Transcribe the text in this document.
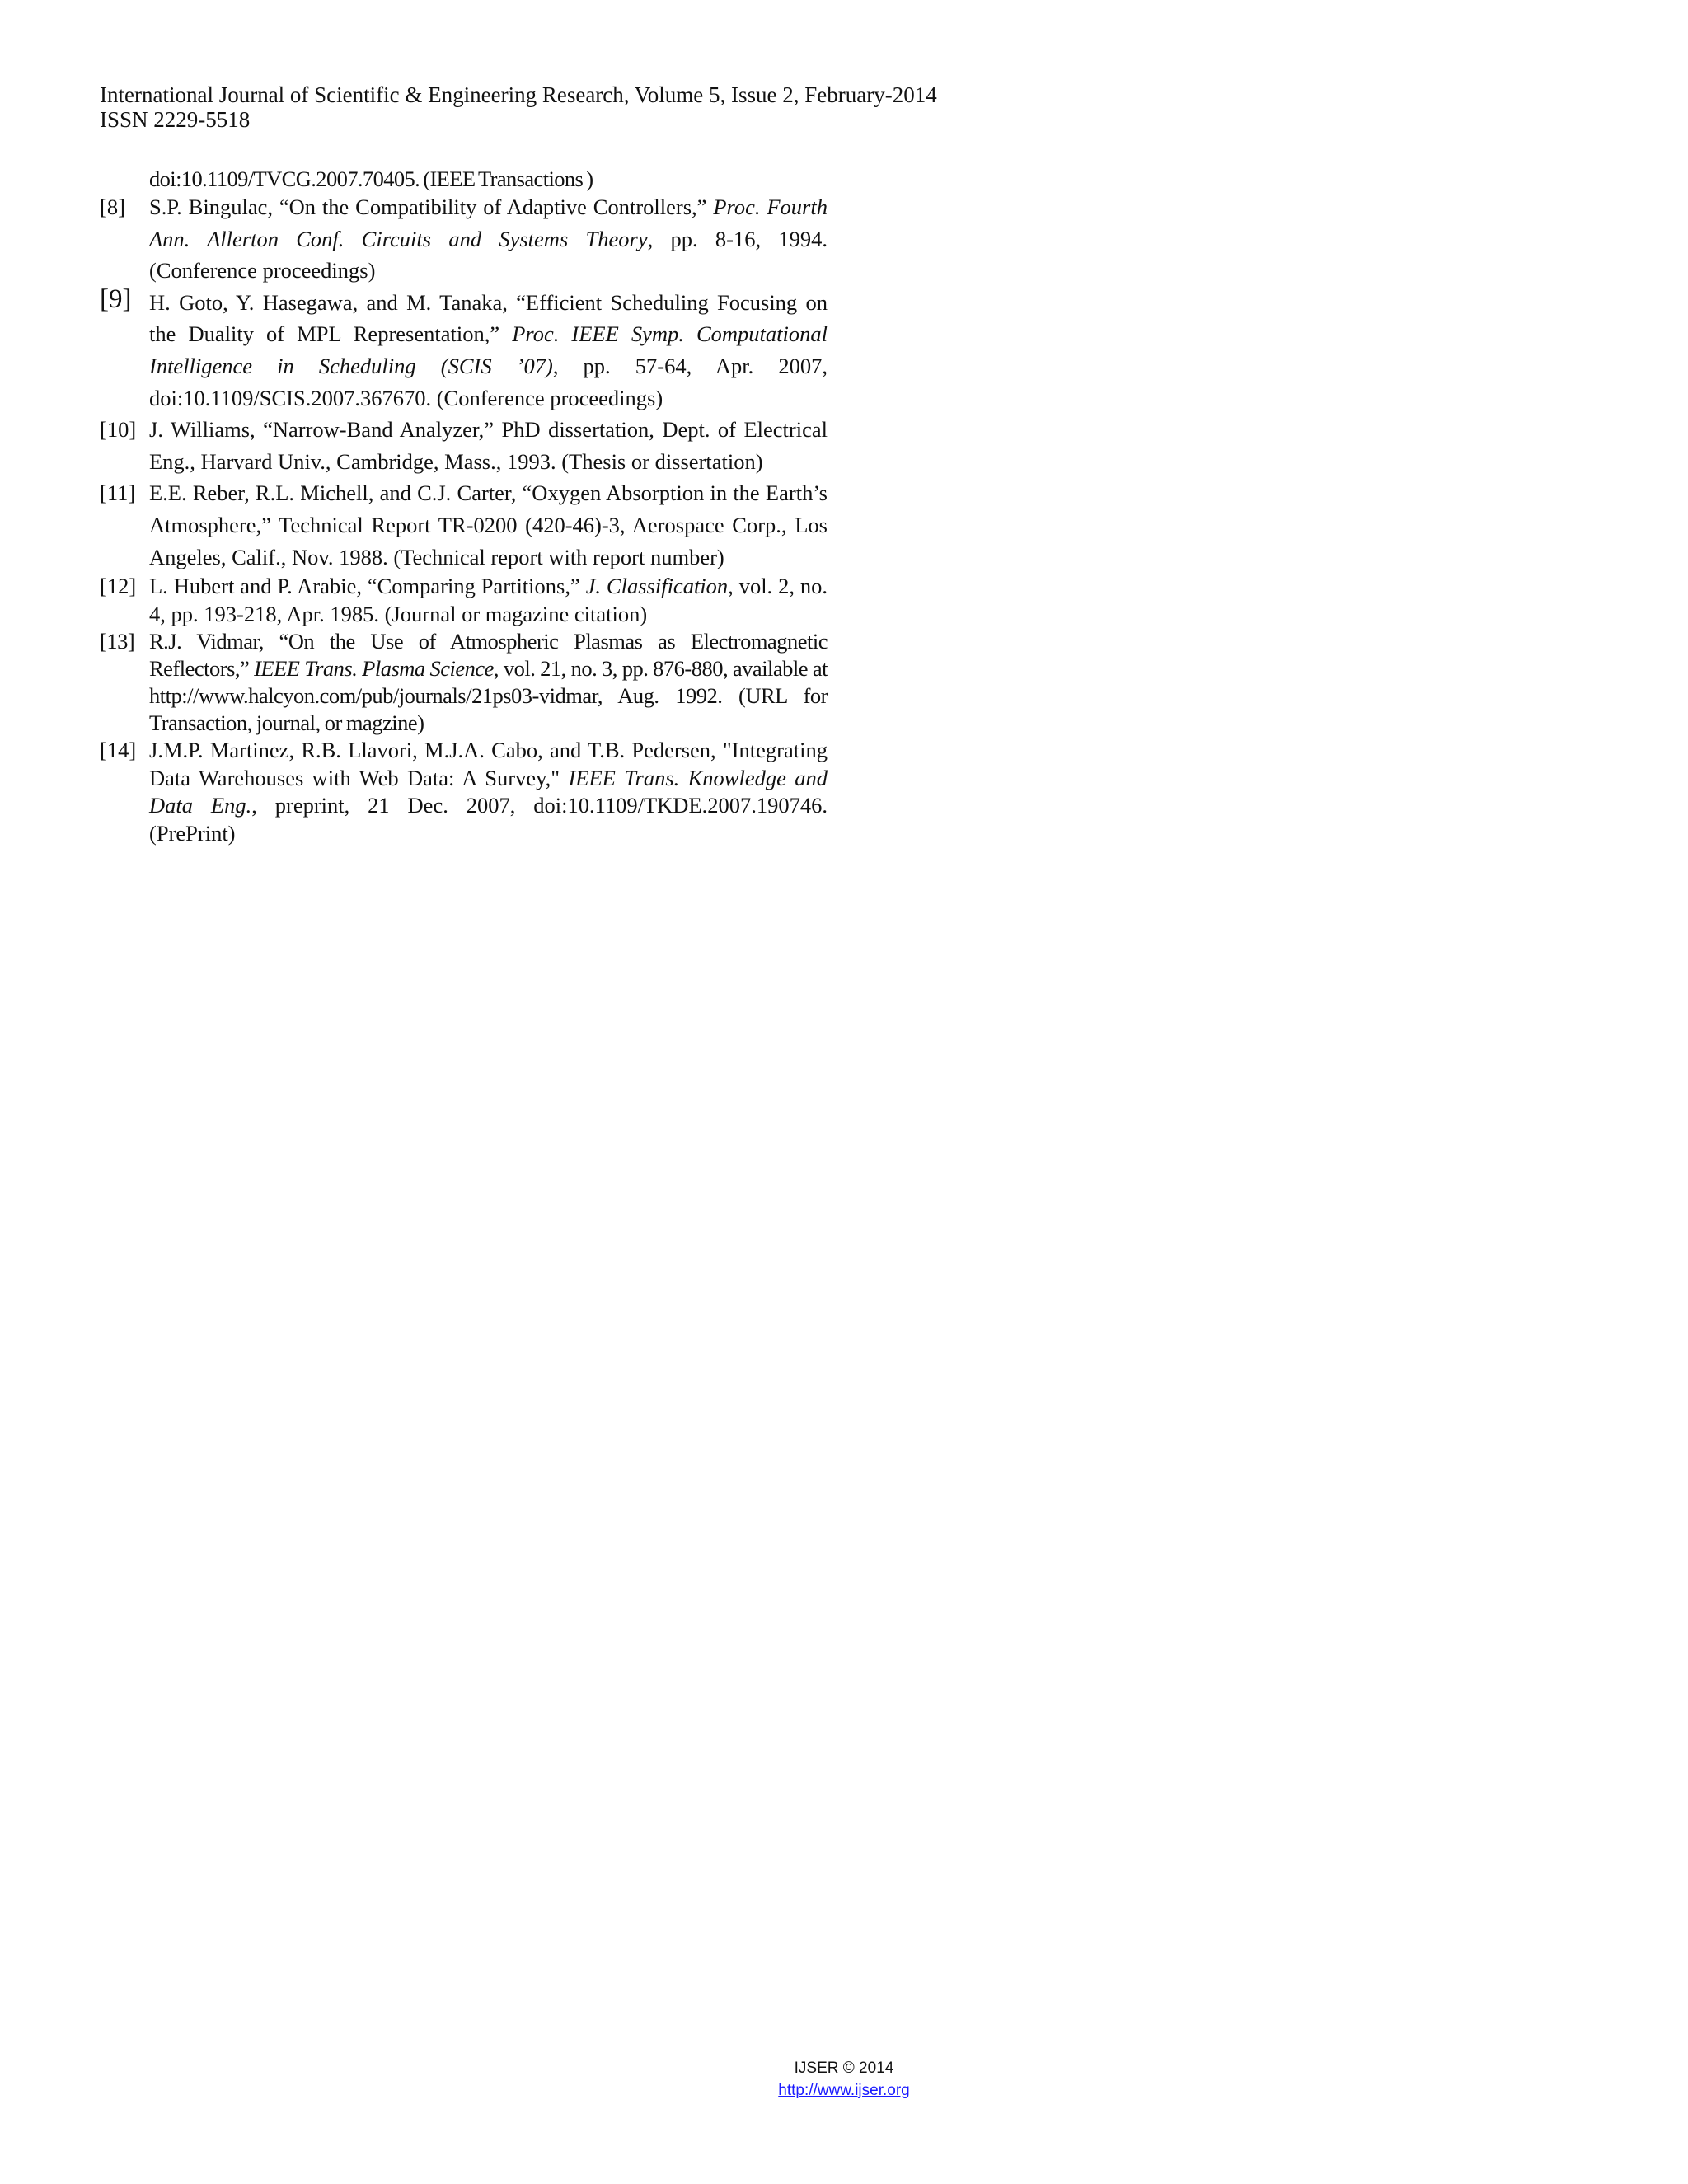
International Journal of Scientific & Engineering Research, Volume 5, Issue 2, February-2014
ISSN 2229-5518
doi:10.1109/TVCG.2007.70405. (IEEE Transactions )
[8] S.P. Bingulac, “On the Compatibility of Adaptive Controllers,” Proc. Fourth Ann. Allerton Conf. Circuits and Systems Theory, pp. 8-16, 1994. (Conference proceedings)
[9] H. Goto, Y. Hasegawa, and M. Tanaka, “Efficient Scheduling Focusing on the Duality of MPL Representation,” Proc. IEEE Symp. Computational Intelligence in Scheduling (SCIS ’07), pp. 57-64, Apr. 2007, doi:10.1109/SCIS.2007.367670. (Conference proceedings)
[10] J. Williams, “Narrow-Band Analyzer,” PhD dissertation, Dept. of Electrical Eng., Harvard Univ., Cambridge, Mass., 1993. (Thesis or dissertation)
[11] E.E. Reber, R.L. Michell, and C.J. Carter, “Oxygen Absorption in the Earth’s Atmosphere,” Technical Report TR-0200 (420-46)-3, Aerospace Corp., Los Angeles, Calif., Nov. 1988. (Technical report with report number)
[12] L. Hubert and P. Arabie, “Comparing Partitions,” J. Classification, vol. 2, no. 4, pp. 193-218, Apr. 1985. (Journal or magazine citation)
[13] R.J. Vidmar, “On the Use of Atmospheric Plasmas as Electromagnetic Reflectors,” IEEE Trans. Plasma Science, vol. 21, no. 3, pp. 876-880, available at http://www.halcyon.com/pub/journals/21ps03-vidmar, Aug. 1992. (URL for Transaction, journal, or magzine)
[14] J.M.P. Martinez, R.B. Llavori, M.J.A. Cabo, and T.B. Pedersen, "Integrating Data Warehouses with Web Data: A Survey," IEEE Trans. Knowledge and Data Eng., preprint, 21 Dec. 2007, doi:10.1109/TKDE.2007.190746.(PrePrint)
IJSER © 2014
http://www.ijser.org
